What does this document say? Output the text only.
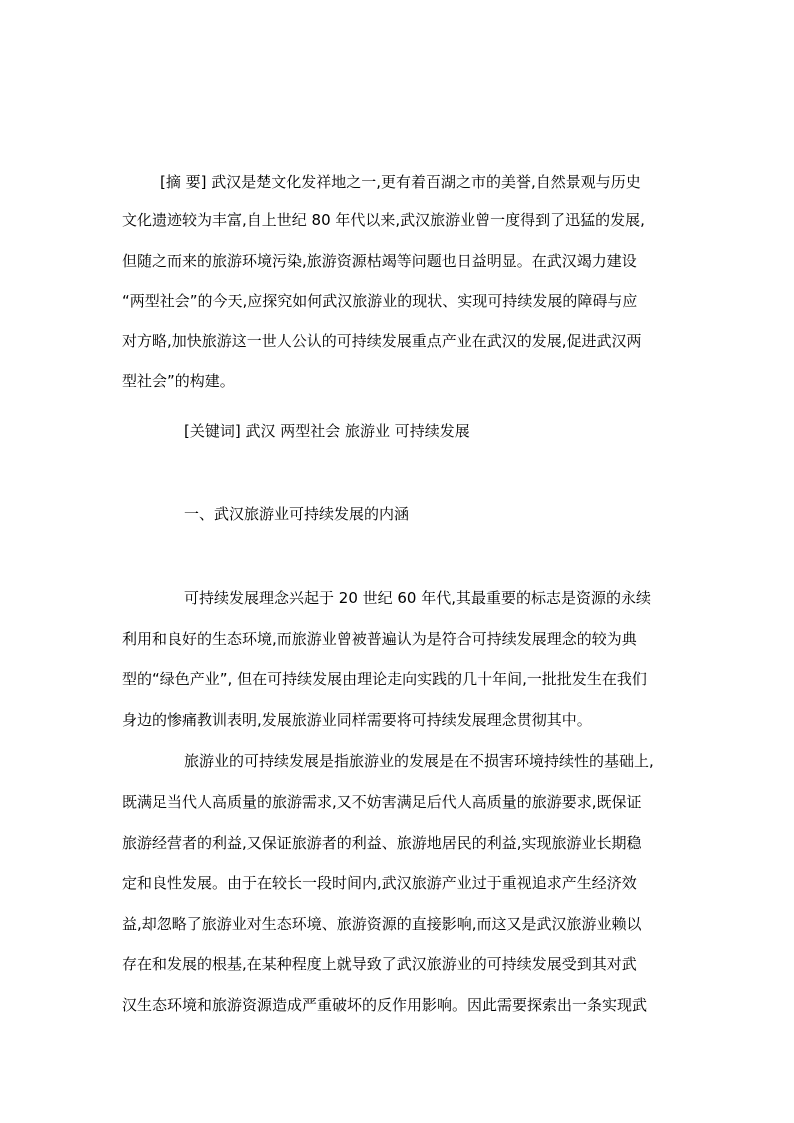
[摘 要] 武汉是楚文化发祥地之一,更有着百湖之市的美誉,自然景观与历史
文化遗迹较为丰富,自上世纪 80 年代以来,武汉旅游业曾一度得到了迅猛的发展,
但随之而来的旅游环境污染,旅游资源枯竭等问题也日益明显。在武汉竭力建设
“两型社会”的今天,应探究如何武汉旅游业的现状、实现可持续发展的障碍与应
对方略,加快旅游这一世人公认的可持续发展重点产业在武汉的发展,促进武汉两
型社会”的构建。
[关键词] 武汉 两型社会 旅游业 可持续发展
一、武汉旅游业可持续发展的内涵
可持续发展理念兴起于 20 世纪 60 年代,其最重要的标志是资源的永续
利用和良好的生态环境,而旅游业曾被普遍认为是符合可持续发展理念的较为典
型的“绿色产业”, 但在可持续发展由理论走向实践的几十年间,一批批发生在我们
身边的惨痛教训表明,发展旅游业同样需要将可持续发展理念贯彻其中。
旅游业的可持续发展是指旅游业的发展是在不损害环境持续性的基础上,
既满足当代人高质量的旅游需求,又不妨害满足后代人高质量的旅游要求,既保证
旅游经营者的利益,又保证旅游者的利益、旅游地居民的利益,实现旅游业长期稳
定和良性发展。由于在较长一段时间内,武汉旅游产业过于重视追求产生经济效
益,却忽略了旅游业对生态环境、旅游资源的直接影响,而这又是武汉旅游业赖以
存在和发展的根基,在某种程度上就导致了武汉旅游业的可持续发展受到其对武
汉生态环境和旅游资源造成严重破坏的反作用影响。因此需要探索出一条实现武
